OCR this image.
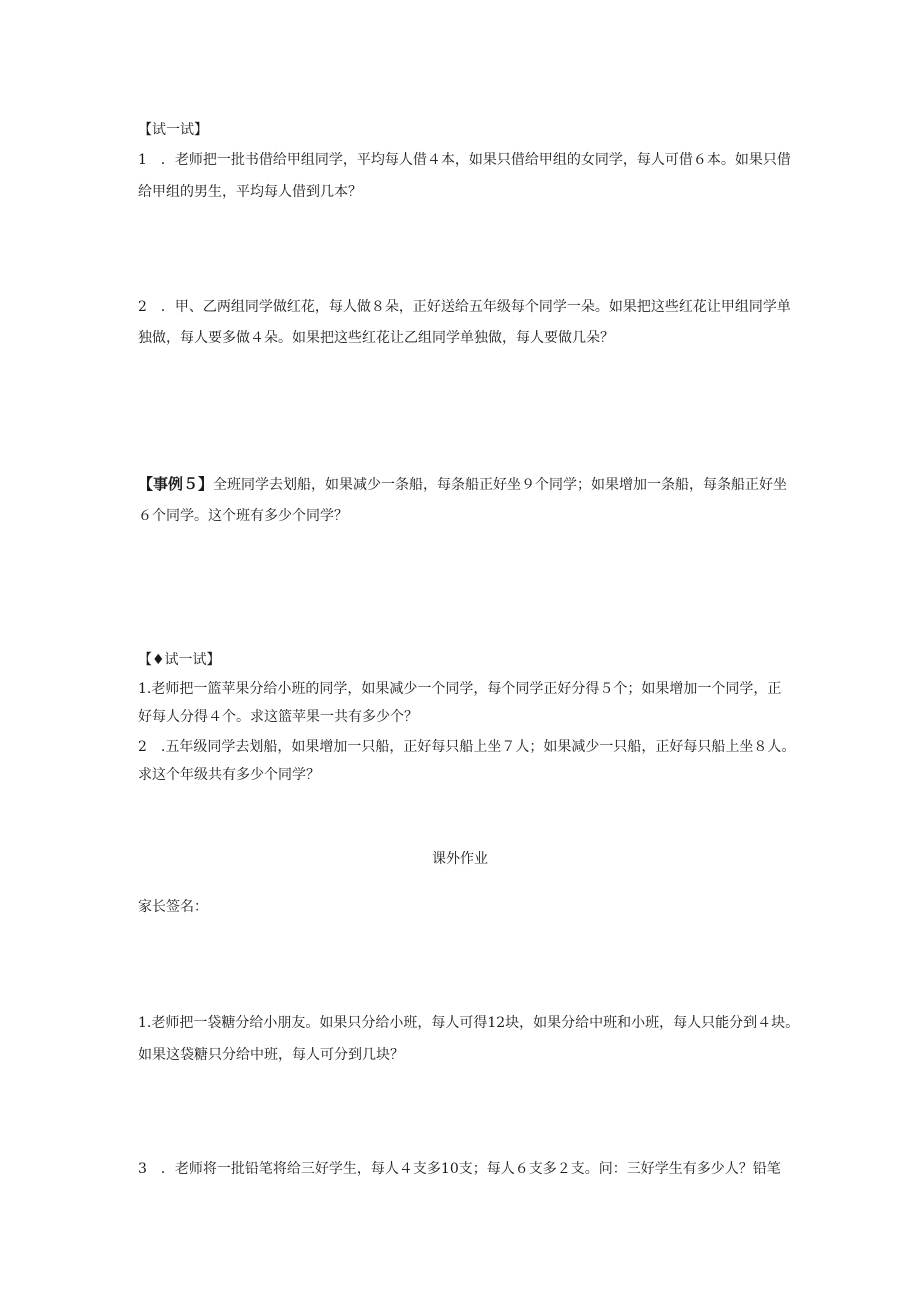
【试一试】

1　．老师把一批书借给甲组同学，平均每人借４本，如果只借给甲组的女同学，每人可借６本。如果只借

给甲组的男生，平均每人借到几本？

2　．甲、乙两组同学做红花，每人做８朵，正好送给五年级每个同学一朵。如果把这些红花让甲组同学单

独做，每人要多做４朵。如果把这些红花让乙组同学单独做，每人要做几朵？

【事例５】全班同学去划船，如果减少一条船，每条船正好坐９个同学；如果增加一条船，每条船正好坐

６个同学。这个班有多少个同学？

【♦试一试】

1.老师把一篮苹果分给小班的同学，如果减少一个同学，每个同学正好分得５个；如果增加一个同学，正

好每人分得４个。求这篮苹果一共有多少个？

2　.五年级同学去划船，如果增加一只船，正好每只船上坐７人；如果减少一只船，正好每只船上坐８人。

求这个年级共有多少个同学？

课外作业

家长签名：

1.老师把一袋糖分给小朋友。如果只分给小班，每人可得12块，如果分给中班和小班，每人只能分到４块。

如果这袋糖只分给中班，每人可分到几块？

3　．老师将一批铅笔将给三好学生，每人４支多10支；每人６支多２支。问：三好学生有多少人？铅笔
